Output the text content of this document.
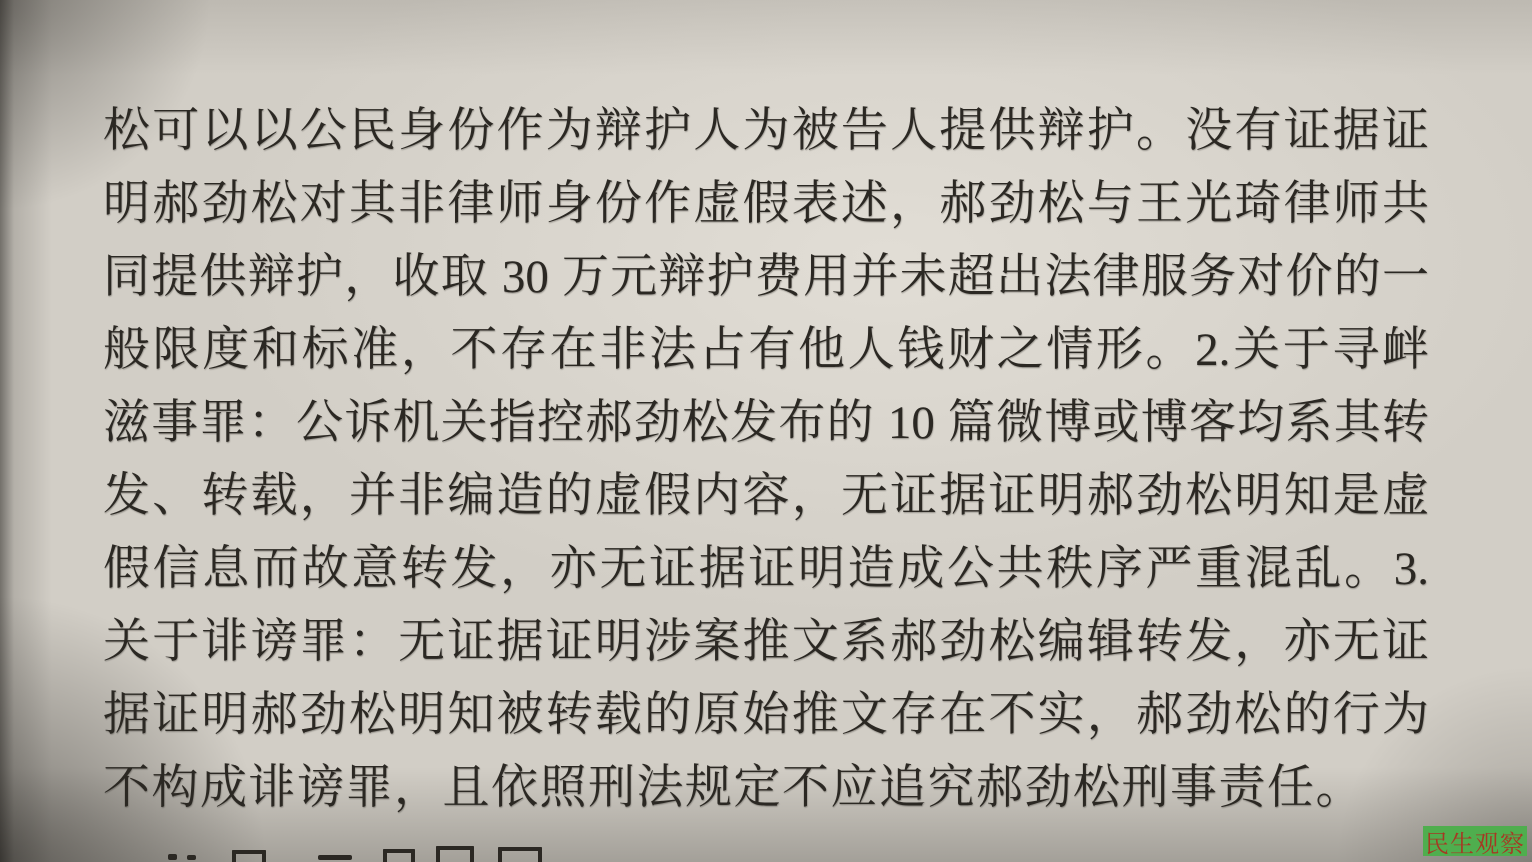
松可以以公民身份作为辩护人为被告人提供辩护。没有证据证
明郝劲松对其非律师身份作虚假表述，郝劲松与王光琦律师共
同提供辩护，收取 30 万元辩护费用并未超出法律服务对价的一
般限度和标准，不存在非法占有他人钱财之情形。2.关于寻衅
滋事罪：公诉机关指控郝劲松发布的 10 篇微博或博客均系其转
发、转载，并非编造的虚假内容，无证据证明郝劲松明知是虚
假信息而故意转发，亦无证据证明造成公共秩序严重混乱。3.
关于诽谤罪：无证据证明涉案推文系郝劲松编辑转发，亦无证
据证明郝劲松明知被转载的原始推文存在不实，郝劲松的行为
不构成诽谤罪，且依照刑法规定不应追究郝劲松刑事责任。
民生观察
